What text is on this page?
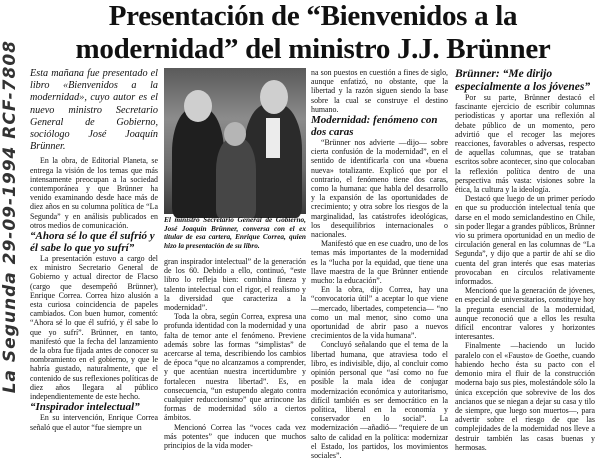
Presentación de “Bienvenidos a la modernidad” del ministro J.J. Brünner
La Segunda 29-09-1994 RCF-7808 Esta mañana fue presentado el libro «Bienvenidos a la modernidad», cuyo autor es el nuevo ministro Secretario General de Gobierno, sociólogo José Joaquín Brünner.

En la obra, de Editorial Planeta, se entrega la visión de los temas que más intensamente preocupan a la sociedad contemporánea y que Brünner ha venido examinando desde hace más de diez años en su columna política de “La Segunda” y en análisis publicados en otros medios de comunicación.

“Ahora sé lo que él sufrió y él sabe lo que yo sufrí”

La presentación estuvo a cargo del ex ministro Secretario General de Gobierno y actual director de Flacso (cargo que desempeñó Brünner), Enrique Correa. Correa hizo alusión a esta curiosa coincidencia de papeles cambiados. Con buen humor, comentó: “Ahora sé lo que él sufrió, y él sabe lo que yo sufrí”. Brünner, en tanto, manifestó que la fecha del lanzamiento de la obra fue fijada antes de conocer su nombramiento en el gobierno, y que le habría gustado, naturalmente, que el contenido de sus reflexiones políticas de diez años llegara al público independientemente de este hecho.

“Inspirador intelectual”

En su intervención, Enrique Correa señaló que el autor “fue siempre un

El ministro Secretario General de Gobierno, José Joaquín Brünner, conversa con el ex titular de esa cartera, Enrique Correa, quien hizo la presentación de su libro.

gran inspirador intelectual” de la generación de los 60. Debido a ello, continuó, “este libro lo refleja bien: combina fineza y talento intelectual con el rigor, el realismo y la diversidad que caracteriza a la modernidad”.

Toda la obra, según Correa, expresa una profunda identidad con la modernidad y una falta de temor ante el fenómeno. Previene además sobre las formas “simplistas” de acercarse al tema, describiendo los cambios de época “que no alcanzamos a comprender, y que acentúan nuestra incertidumbre y fortalecen nuestra libertad”. Es, en consecuencia, “un estupendo alegato contra cualquier reduccionismo” que arrincone las formas de modernidad sólo a ciertos ámbitos.

Mencionó Correa las “voces cada vez más potentes” que inducen que muchos principios de la vida moder-

na son puestos en cuestión a fines de siglo, aunque enfatizó, no obstante, que la libertad y la razón siguen siendo la base sobre la cual se construye el destino humano.

Modernidad: fenómeno con dos caras

“Brünner nos advierte —dijo— sobre cierta confusión de la modernidad”, en el sentido de identificarla con una «buena nueva» totalizante. Explicó que por el contrario, el fenómeno tiene dos caras, como la humana: que habla del desarrollo y la expansión de las oportunidades de crecimiento; y otra sobre los riesgos de la marginalidad, las catástrofes ideológicas, los desequilibrios internacionales o nacionales.

Manifestó que en ese cuadro, uno de los temas más importantes de la modernidad es la “lucha por la equidad, que tiene una llave maestra de la que Brünner entiende mucho: la educación”.

En la obra, dijo Correa, hay una “convocatoria útil” a aceptar lo que viene —mercado, libertades, competencia— “no como un mal menor, sino como una oportunidad de abrir paso a nuevos crecimientos de la vida humana”.

Concluyó señalando que el tema de la libertad humana, que atraviesa todo el libro, es indivisible, dijo, al concluir como opinión personal que “así como no fue posible la mala idea de conjugar modernización económica y autoritarismo, difícil también es ser democrático en la política, liberal en la economía y conservador en lo social”. La modernización —añadió— “requiere de un salto de calidad en la política: modernizar el Estado, los partidos, los movimientos sociales”.

Brünner: “Me dirijo especialmente a los jóvenes”

Por su parte, Brünner destacó el fascinante ejercicio de escribir columnas periodísticas y aportar una reflexión al debate público de un momento, pero advirtió que el recoger las mejores reacciones, favorables o adversas, respecto de aquellas columnas, que se trataban escritos sobre acontecer, sino que colocaban la reflexión política dentro de una perspectiva más vasta: visiones sobre la ética, la cultura y la ideología.

Destacó que luego de un primer período en que su producción intelectual tenía que darse en el modo semiclandestino en Chile, sin poder llegar a grandes públicos, Brünner vio su primera oportunidad en un medio de circulación general en las columnas de “La Segunda”, y dijo que a partir de ahí se dio cuenta del gran interés que esas materias provocaban en círculos relativamente informados.

Mencionó que la generación de jóvenes, en especial de universitarios, constituye hoy la pregunta esencial de la modernidad, aunque reconoció que a ellos les resulta difícil encontrar valores y horizontes interesantes.

Finalmente —haciendo un lucido paralelo con el «Fausto» de Goethe, cuando habiendo hecho ésta su pacto con el demonio mira el fluir de la construcción moderna bajo sus pies, molestándole sólo la única excepción que sobrevive de los dos ancianos que se niegan a dejar su casa y tilo de siempre, que luego son muertos—, para advertir sobre el riesgo de que las complejidades de la modernidad nos lleve a destruir también las casas buenas y hermosas.
